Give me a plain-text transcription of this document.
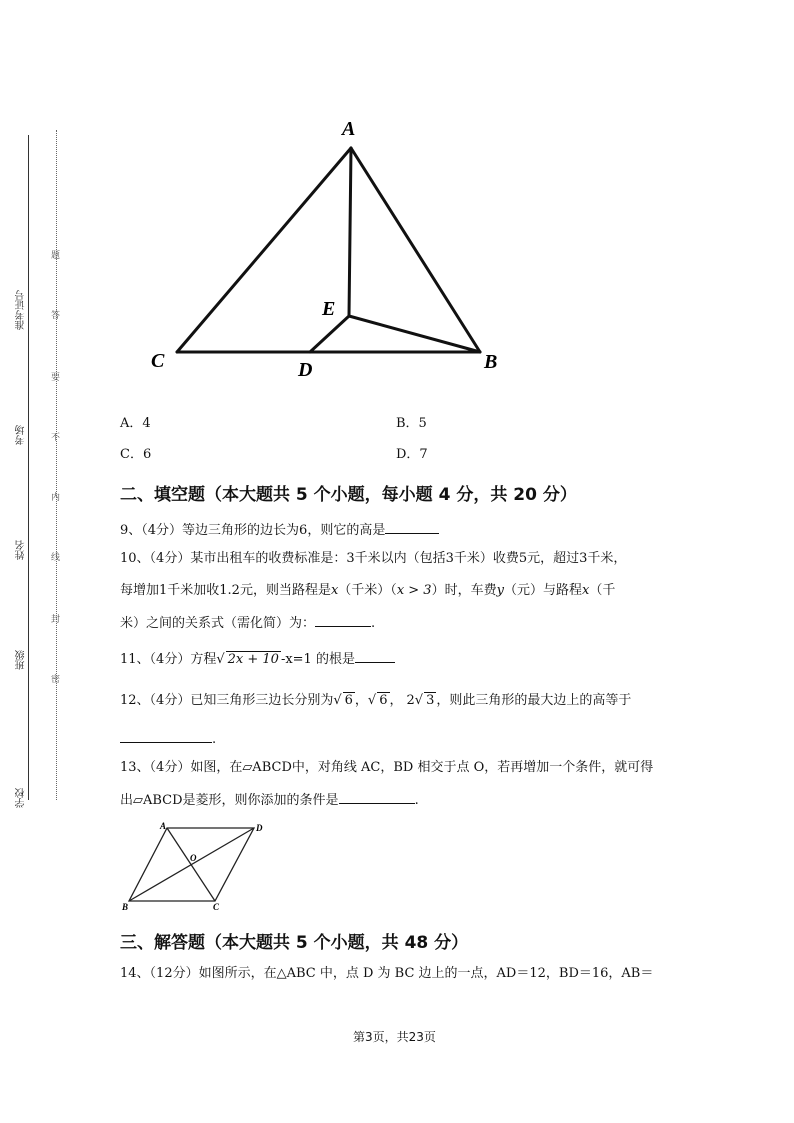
准考证号
考场
姓名
班级
学校
题
答
要
不
内
线
封
密
A
B
C	D
E
A．4	B．5
C．6	D．7
二、填空题（本大题共 5 个小题，每小题 4 分，共 20 分）
9、（4分）等边三角形的边长为6，则它的高是
10、（4分）某市出租车的收费标准是：3千米以内（包括3千米）收费5元，超过3千米，
每增加1千米加收1.2元，则当路程是x（千米）（x > 3）时，车费y（元）与路程x（千
米）之间的关系式（需化简）为：	.
11、（4分）方程√ 2x + 10 -x=1 的根是
12、（4分）已知三角形三边长分别为√ 6 ，√ 6 ， 2√ 3 ，则此三角形的最大边上的高等于
.
13、（4分）如图，在▱ABCD中，对角线 AC，BD 相交于点 O，若再增加一个条件，就可得
出▱ABCD是菱形，则你添加的条件是	.
A	D
O
B	C
三、解答题（本大题共 5 个小题，共 48 分）
14、（12分）如图所示，在△ABC 中，点 D 为 BC 边上的一点，AD＝12，BD＝16，AB＝
第3页，共23页
